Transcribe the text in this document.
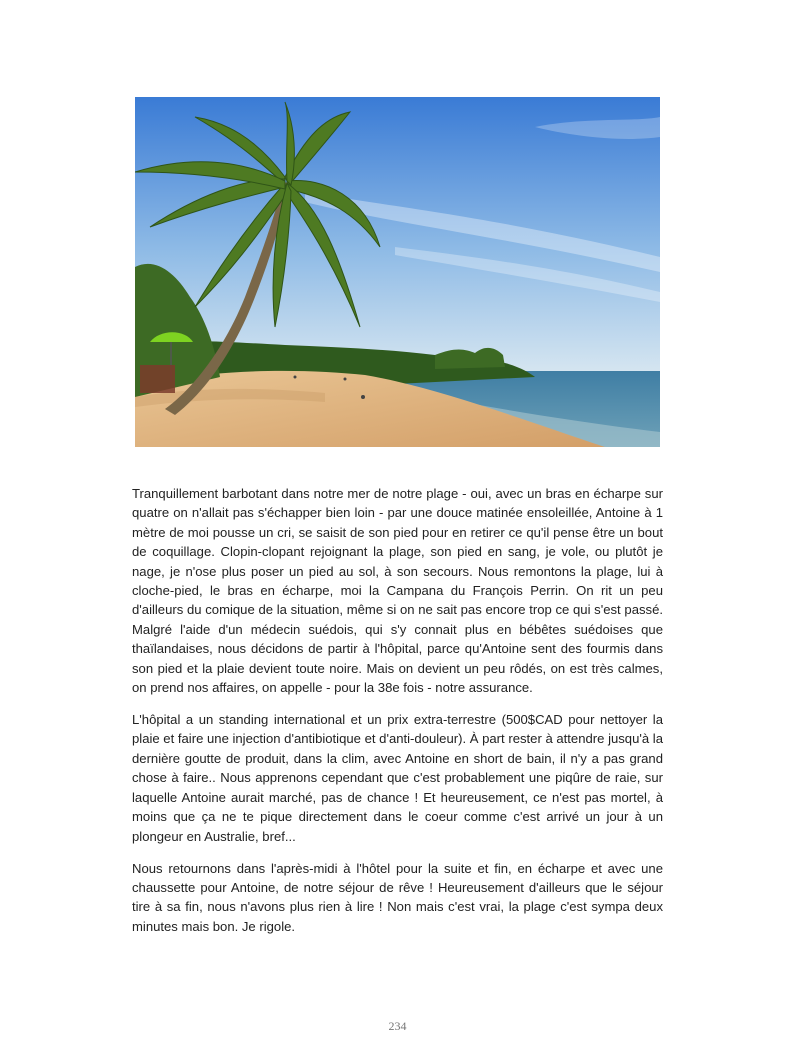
Tranquillement barbotant dans notre mer de notre plage - oui, avec un bras en écharpe sur quatre on n'allait pas s'échapper bien loin - par une douce matinée ensoleillée, Antoine à 1 mètre de moi pousse un cri, se saisit de son pied pour en retirer ce qu'il pense être un bout de coquillage. Clopin-clopant rejoignant la plage, son pied en sang, je vole, ou plutôt je nage, je n'ose plus poser un pied au sol, à son secours. Nous remontons la plage, lui à cloche-pied, le bras en écharpe, moi la Campana du François Perrin. On rit un peu d'ailleurs du comique de la situation, même si on ne sait pas encore trop ce qui s'est passé. Malgré l'aide d'un médecin suédois, qui s'y connait plus en bébêtes suédoises que thaïlandaises, nous décidons de partir à l'hôpital, parce qu'Antoine sent des fourmis dans son pied et la plaie devient toute noire. Mais on devient un peu rôdés, on est très calmes, on prend nos affaires, on appelle - pour la 38e fois - notre assurance.

L'hôpital a un standing international et un prix extra-terrestre (500$CAD pour nettoyer la plaie et faire une injection d'antibiotique et d'anti-douleur). À part rester à attendre jusqu'à la dernière goutte de produit, dans la clim, avec Antoine en short de bain, il n'y a pas grand chose à faire.. Nous apprenons cependant que c'est probablement une piqûre de raie, sur laquelle Antoine aurait marché, pas de chance ! Et heureusement, ce n'est pas mortel, à moins que ça ne te pique directement dans le coeur comme c'est arrivé un jour à un plongeur en Australie, bref...

Nous retournons dans l'après-midi à l'hôtel pour la suite et fin, en écharpe et avec une chaussette pour Antoine, de notre séjour de rêve ! Heureusement d'ailleurs que le séjour tire à sa fin, nous n'avons plus rien à lire ! Non mais c'est vrai, la plage c'est sympa deux minutes mais bon. Je rigole.

234
